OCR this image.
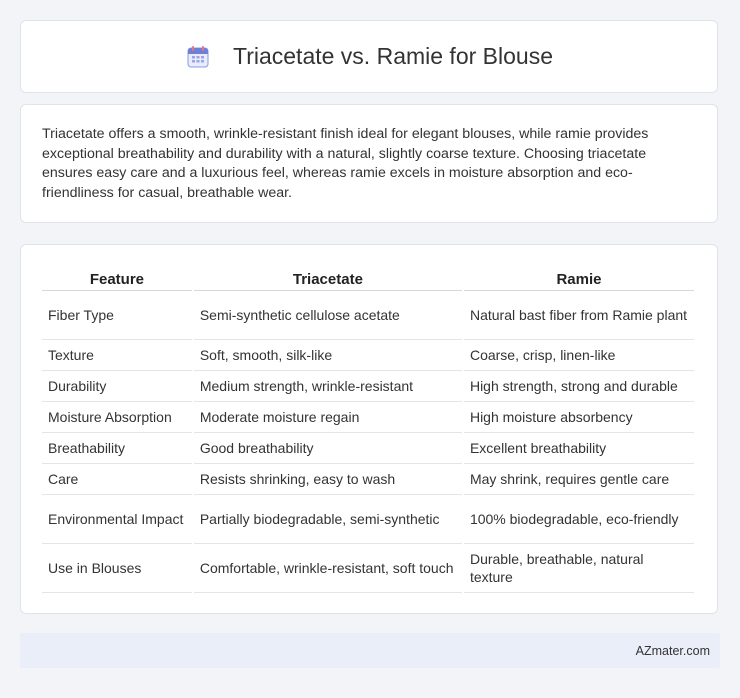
Triacetate vs. Ramie for Blouse

Triacetate offers a smooth, wrinkle-resistant finish ideal for elegant blouses, while ramie provides exceptional breathability and durability with a natural, slightly coarse texture. Choosing triacetate ensures easy care and a luxurious feel, whereas ramie excels in moisture absorption and eco-friendliness for casual, breathable wear.

Feature	Triacetate	Ramie
Fiber Type	Semi-synthetic cellulose acetate	Natural bast fiber from Ramie plant
Texture	Soft, smooth, silk-like	Coarse, crisp, linen-like
Durability	Medium strength, wrinkle-resistant	High strength, strong and durable
Moisture Absorption	Moderate moisture regain	High moisture absorbency
Breathability	Good breathability	Excellent breathability
Care	Resists shrinking, easy to wash	May shrink, requires gentle care
Environmental Impact	Partially biodegradable, semi-synthetic	100% biodegradable, eco-friendly
Use in Blouses	Comfortable, wrinkle-resistant, soft touch	Durable, breathable, natural texture
AZmater.com
